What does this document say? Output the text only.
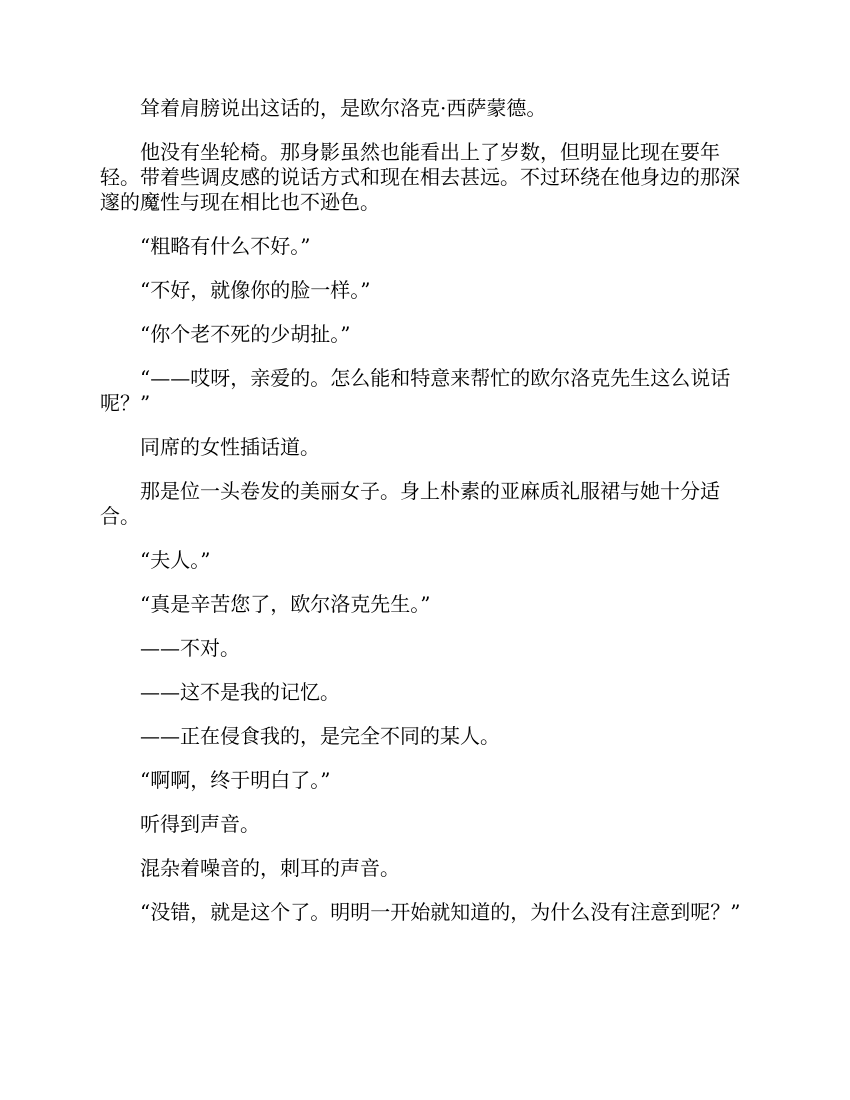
耸着肩膀说出这话的，是欧尔洛克·西萨蒙德。

他没有坐轮椅。那身影虽然也能看出上了岁数，但明显比现在要年轻。带着些调皮感的说话方式和现在相去甚远。不过环绕在他身边的那深邃的魔性与现在相比也不逊色。

“粗略有什么不好。”

“不好，就像你的脸一样。”

“你个老不死的少胡扯。”

“——哎呀，亲爱的。怎么能和特意来帮忙的欧尔洛克先生这么说话呢？”

同席的女性插话道。

那是位一头卷发的美丽女子。身上朴素的亚麻质礼服裙与她十分适合。

“夫人。”

“真是辛苦您了，欧尔洛克先生。”

——不对。

——这不是我的记忆。

——正在侵食我的，是完全不同的某人。

“啊啊，终于明白了。”

听得到声音。

混杂着噪音的，刺耳的声音。

“没错，就是这个了。明明一开始就知道的，为什么没有注意到呢？”
